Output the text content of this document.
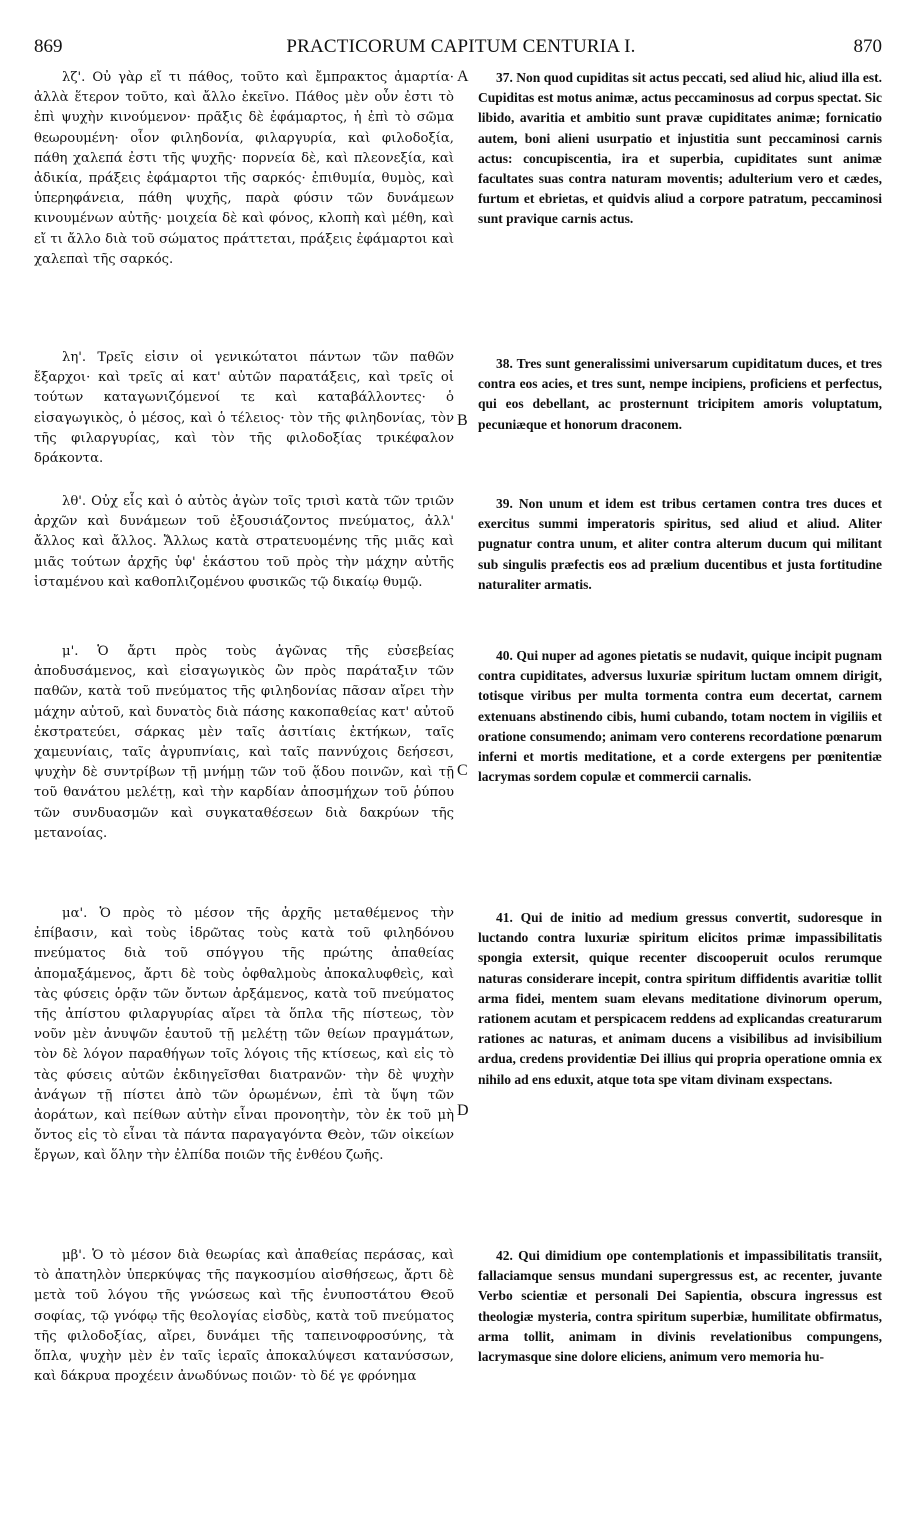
869	PRACTICORUM CAPITUM CENTURIA I.	870

λζ'. Οὐ γὰρ εἴ τι πάθος, τοῦτο καὶ ἔμπρακτος ἁμαρτία· ἀλλὰ ἕτερον τοῦτο, καὶ ἄλλο ἐκεῖνο. Πάθος μὲν οὖν ἐστι τὸ ἐπὶ ψυχὴν κινούμενον· πρᾶξις δὲ ἐφάμαρτος, ἡ ἐπὶ τὸ σῶμα θεωρουμένη· οἷον φιληδονία, φιλαργυρία, καὶ φιλοδοξία, πάθη χαλεπά ἐστι τῆς ψυχῆς· πορνεία δὲ, καὶ πλεονεξία, καὶ ἀδικία, πράξεις ἐφάμαρτοι τῆς σαρκός· ἐπιθυμία, θυμὸς, καὶ ὑπερηφάνεια, πάθη ψυχῆς, παρὰ φύσιν τῶν δυνάμεων κινουμένων αὐτῆς· μοιχεία δὲ καὶ φόνος, κλοπὴ καὶ μέθη, καὶ εἴ τι ἄλλο διὰ τοῦ σώματος πράττεται, πράξεις ἐφάμαρτοι καὶ χαλεπαὶ τῆς σαρκός.

λη'. Τρεῖς εἰσιν οἱ γενικώτατοι πάντων τῶν παθῶν ἔξαρχοι· καὶ τρεῖς αἱ κατ' αὐτῶν παρατάξεις, καὶ τρεῖς οἱ τούτων καταγωνιζόμενοί τε καὶ καταβάλλοντες· ὁ εἰσαγωγικὸς, ὁ μέσος, καὶ ὁ τέλειος· τὸν τῆς φιληδονίας, τὸν τῆς φιλαργυρίας, καὶ τὸν τῆς φιλοδοξίας τρικέφαλον δράκοντα.

λθ'. Οὐχ εἷς καὶ ὁ αὐτὸς ἀγὼν τοῖς τρισὶ κατὰ τῶν τριῶν ἀρχῶν καὶ δυνάμεων τοῦ ἐξουσιάζοντος πνεύματος, ἀλλ' ἄλλος καὶ ἄλλος. Ἄλλως κατὰ στρατευομένης τῆς μιᾶς καὶ μιᾶς τούτων ἀρχῆς ὑφ' ἑκάστου τοῦ πρὸς τὴν μάχην αὐτῆς ἱσταμένου καὶ καθοπλιζομένου φυσικῶς τῷ δικαίῳ θυμῷ.

μ'. Ὁ ἄρτι πρὸς τοὺς ἀγῶνας τῆς εὐσεβείας ἀποδυσάμενος, καὶ εἰσαγωγικὸς ὢν πρὸς παράταξιν τῶν παθῶν, κατὰ τοῦ πνεύματος τῆς φιληδονίας πᾶσαν αἴρει τὴν μάχην αὐτοῦ, καὶ δυνατὸς διὰ πάσης κακοπαθείας κατ' αὐτοῦ ἐκστρατεύει, σάρκας μὲν ταῖς ἀσιτίαις ἐκτήκων, ταῖς χαμευνίαις, ταῖς ἀγρυπνίαις, καὶ ταῖς παννύχοις δεήσεσι, ψυχὴν δὲ συντρίβων τῇ μνήμῃ τῶν τοῦ ᾅδου ποινῶν, καὶ τῇ τοῦ θανάτου μελέτῃ, καὶ τὴν καρδίαν ἀποσμήχων τοῦ ῥύπου τῶν συνδυασμῶν καὶ συγκαταθέσεων διὰ δακρύων τῆς μετανοίας.

μα'. Ὁ πρὸς τὸ μέσον τῆς ἀρχῆς μεταθέμενος τὴν ἐπίβασιν, καὶ τοὺς ἱδρῶτας τοὺς κατὰ τοῦ φιληδόνου πνεύματος διὰ τοῦ σπόγγου τῆς πρώτης ἀπαθείας ἀπομαξάμενος, ἄρτι δὲ τοὺς ὀφθαλμοὺς ἀποκαλυφθεὶς, καὶ τὰς φύσεις ὁρᾷν τῶν ὄντων ἀρξάμενος, κατὰ τοῦ πνεύματος τῆς ἀπίστου φιλαργυρίας αἴρει τὰ ὅπλα τῆς πίστεως, τὸν νοῦν μὲν ἀνυψῶν ἑαυτοῦ τῇ μελέτῃ τῶν θείων πραγμάτων, τὸν δὲ λόγον παραθήγων τοῖς λόγοις τῆς κτίσεως, καὶ εἰς τὸ τὰς φύσεις αὐτῶν ἐκδιηγεῖσθαι διατρανῶν· τὴν δὲ ψυχὴν ἀνάγων τῇ πίστει ἀπὸ τῶν ὁρωμένων, ἐπὶ τὰ ὕψη τῶν ἀοράτων, καὶ πείθων αὐτὴν εἶναι προνοητὴν, τὸν ἐκ τοῦ μὴ ὄντος εἰς τὸ εἶναι τὰ πάντα παραγαγόντα Θεὸν, τῶν οἰκείων ἔργων, καὶ ὅλην τὴν ἐλπίδα ποιῶν τῆς ἐνθέου ζωῆς.

μβ'. Ὁ τὸ μέσον διὰ θεωρίας καὶ ἀπαθείας περάσας, καὶ τὸ ἀπατηλὸν ὑπερκύψας τῆς παγκοσμίου αἰσθήσεως, ἄρτι δὲ μετὰ τοῦ λόγου τῆς γνώσεως καὶ τῆς ἐνυποστάτου Θεοῦ σοφίας, τῷ γνόφῳ τῆς θεολογίας εἰσδὺς, κατὰ τοῦ πνεύματος τῆς φιλοδοξίας, αἴρει, δυνάμει τῆς ταπεινοφροσύνης, τὰ ὅπλα, ψυχὴν μὲν ἐν ταῖς ἱεραῖς ἀποκαλύψεσι κατανύσσων, καὶ δάκρυα προχέειν ἀνωδύνως ποιῶν· τὸ δέ γε φρόνημα

37. Non quod cupiditas sit actus peccati, sed aliud hic, aliud illa est. Cupiditas est motus animæ, actus peccaminosus ad corpus spectat. Sic libido, avaritia et ambitio sunt pravæ cupiditates animæ; fornicatio autem, boni alieni usurpatio et injustitia sunt peccaminosi carnis actus: concupiscentia, ira et superbia, cupiditates sunt animæ facultates suas contra naturam moventis; adulterium vero et cædes, furtum et ebrietas, et quidvis aliud a corpore patratum, peccaminosi sunt pravique carnis actus.

38. Tres sunt generalissimi universarum cupiditatum duces, et tres contra eos acies, et tres sunt, nempe incipiens, proficiens et perfectus, qui eos debellant, ac prosternunt tricipitem amoris voluptatum, pecuniæque et honorum draconem.

39. Non unum et idem est tribus certamen contra tres duces et exercitus summi imperatoris spiritus, sed aliud et aliud. Aliter pugnatur contra unum, et aliter contra alterum ducum qui militant sub singulis præfectis eos ad prælium ducentibus et justa fortitudine naturaliter armatis.

40. Qui nuper ad agones pietatis se nudavit, quique incipit pugnam contra cupiditates, adversus luxuriæ spiritum luctam omnem dirigit, totisque viribus per multa tormenta contra eum decertat, carnem extenuans abstinendo cibis, humi cubando, totam noctem in vigiliis et oratione consumendo; animam vero conterens recordatione pœnarum inferni et mortis meditatione, et a corde extergens per pœnitentiæ lacrymas sordem copulæ et commercii carnalis.

41. Qui de initio ad medium gressus convertit, sudoresque in luctando contra luxuriæ spiritum elicitos primæ impassibilitatis spongia extersit, quique recenter discooperuit oculos rerumque naturas considerare incepit, contra spiritum diffidentis avaritiæ tollit arma fidei, mentem suam elevans meditatione divinorum operum, rationem acutam et perspicacem reddens ad explicandas creaturarum rationes ac naturas, et animam ducens a visibilibus ad invisibilium ardua, credens providentiæ Dei illius qui propria operatione omnia ex nihilo ad ens eduxit, atque tota spe vitam divinam exspectans.

42. Qui dimidium ope contemplationis et impassibilitatis transiit, fallaciamque sensus mundani supergressus est, ac recenter, juvante Verbo scientiæ et personali Dei Sapientia, obscura ingressus est theologiæ mysteria, contra spiritum superbiæ, humilitate obfirmatus, arma tollit, animam in divinis revelationibus compungens, lacrymasque sine dolore eliciens, animum vero memoria hu-

A
B
C
D
